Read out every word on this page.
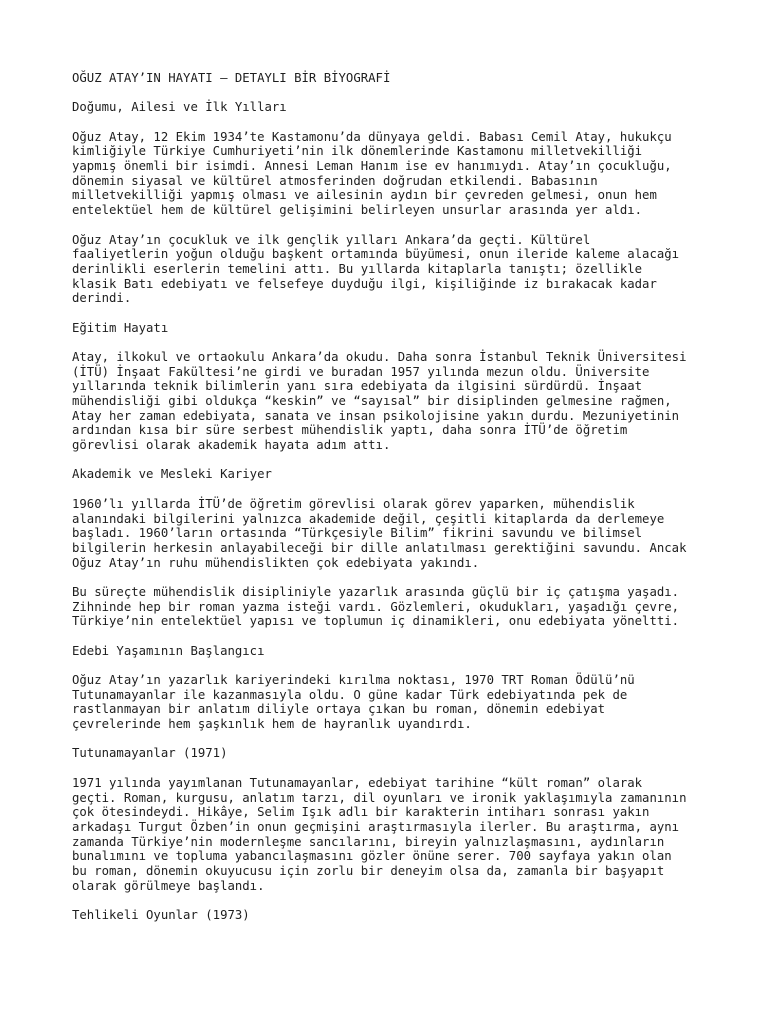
OĞUZ ATAY’IN HAYATI – DETAYLI BİR BİYOGRAFİ
Doğumu, Ailesi ve İlk Yılları
Oğuz Atay, 12 Ekim 1934’te Kastamonu’da dünyaya geldi. Babası Cemil Atay, hukukçu
kimliğiyle Türkiye Cumhuriyeti’nin ilk dönemlerinde Kastamonu milletvekilliği
yapmış önemli bir isimdi. Annesi Leman Hanım ise ev hanımıydı. Atay’ın çocukluğu,
dönemin siyasal ve kültürel atmosferinden doğrudan etkilendi. Babasının
milletvekilliği yapmış olması ve ailesinin aydın bir çevreden gelmesi, onun hem
entelektüel hem de kültürel gelişimini belirleyen unsurlar arasında yer aldı.
Oğuz Atay’ın çocukluk ve ilk gençlik yılları Ankara’da geçti. Kültürel
faaliyetlerin yoğun olduğu başkent ortamında büyümesi, onun ileride kaleme alacağı
derinlikli eserlerin temelini attı. Bu yıllarda kitaplarla tanıştı; özellikle
klasik Batı edebiyatı ve felsefeye duyduğu ilgi, kişiliğinde iz bırakacak kadar
derindi.
Eğitim Hayatı
Atay, ilkokul ve ortaokulu Ankara’da okudu. Daha sonra İstanbul Teknik Üniversitesi
(İTÜ) İnşaat Fakültesi’ne girdi ve buradan 1957 yılında mezun oldu. Üniversite
yıllarında teknik bilimlerin yanı sıra edebiyata da ilgisini sürdürdü. İnşaat
mühendisliği gibi oldukça “keskin” ve “sayısal” bir disiplinden gelmesine rağmen,
Atay her zaman edebiyata, sanata ve insan psikolojisine yakın durdu. Mezuniyetinin
ardından kısa bir süre serbest mühendislik yaptı, daha sonra İTÜ’de öğretim
görevlisi olarak akademik hayata adım attı.
Akademik ve Mesleki Kariyer
1960’lı yıllarda İTÜ’de öğretim görevlisi olarak görev yaparken, mühendislik
alanındaki bilgilerini yalnızca akademide değil, çeşitli kitaplarda da derlemeye
başladı. 1960’ların ortasında “Türkçesiyle Bilim” fikrini savundu ve bilimsel
bilgilerin herkesin anlayabileceği bir dille anlatılması gerektiğini savundu. Ancak
Oğuz Atay’ın ruhu mühendislikten çok edebiyata yakındı.
Bu süreçte mühendislik disipliniyle yazarlık arasında güçlü bir iç çatışma yaşadı.
Zihninde hep bir roman yazma isteği vardı. Gözlemleri, okudukları, yaşadığı çevre,
Türkiye’nin entelektüel yapısı ve toplumun iç dinamikleri, onu edebiyata yöneltti.
Edebi Yaşamının Başlangıcı
Oğuz Atay’ın yazarlık kariyerindeki kırılma noktası, 1970 TRT Roman Ödülü’nü
Tutunamayanlar ile kazanmasıyla oldu. O güne kadar Türk edebiyatında pek de
rastlanmayan bir anlatım diliyle ortaya çıkan bu roman, dönemin edebiyat
çevrelerinde hem şaşkınlık hem de hayranlık uyandırdı.
Tutunamayanlar (1971)
1971 yılında yayımlanan Tutunamayanlar, edebiyat tarihine “kült roman” olarak
geçti. Roman, kurgusu, anlatım tarzı, dil oyunları ve ironik yaklaşımıyla zamanının
çok ötesindeydi. Hikâye, Selim Işık adlı bir karakterin intiharı sonrası yakın
arkadaşı Turgut Özben’in onun geçmişini araştırmasıyla ilerler. Bu araştırma, aynı
zamanda Türkiye’nin modernleşme sancılarını, bireyin yalnızlaşmasını, aydınların
bunalımını ve topluma yabancılaşmasını gözler önüne serer. 700 sayfaya yakın olan
bu roman, dönemin okuyucusu için zorlu bir deneyim olsa da, zamanla bir başyapıt
olarak görülmeye başlandı.
Tehlikeli Oyunlar (1973)
